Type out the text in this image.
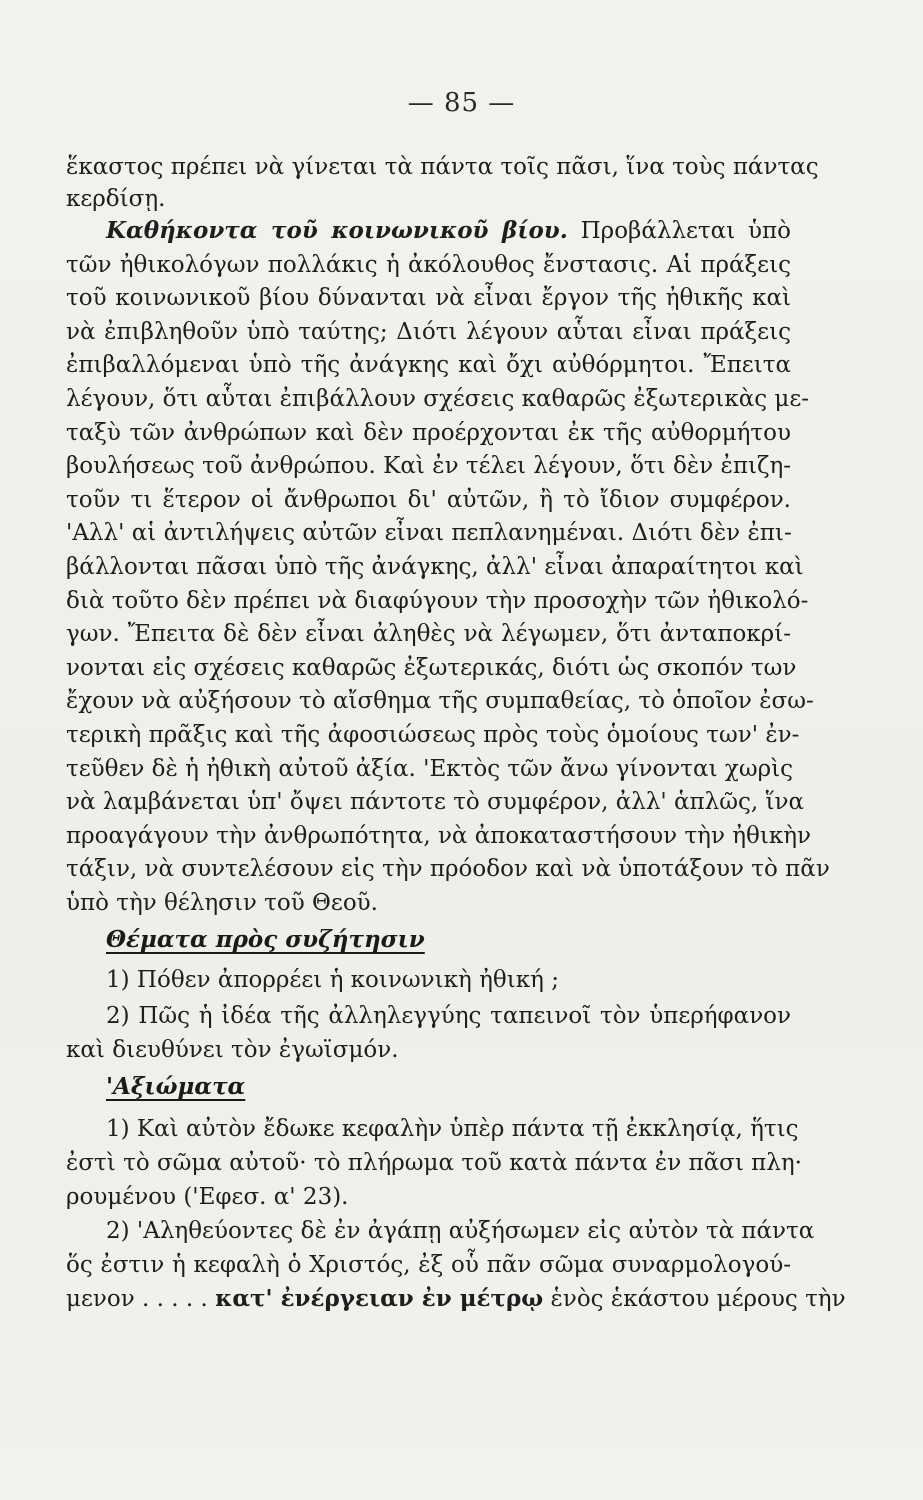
— 85 —
ἕκαστος πρέπει νὰ γίνεται τὰ πάντα τοῖς πᾶσι, ἵνα τοὺς πάντας
κερδίσῃ.
Καθήκοντα τοῦ κοινωνικοῦ βίου. Προβάλλεται ὑπὸ
τῶν ἠθικολόγων πολλάκις ἡ ἀκόλουθος ἔνστασις. Αἱ πράξεις
τοῦ κοινωνικοῦ βίου δύνανται νὰ εἶναι ἔργον τῆς ἠθικῆς καὶ
νὰ ἐπιβληθοῦν ὑπὸ ταύτης; Διότι λέγουν αὗται εἶναι πράξεις
ἐπιβαλλόμεναι ὑπὸ τῆς ἀνάγκης καὶ ὄχι αὐθόρμητοι. Ἔπειτα
λέγουν, ὅτι αὗται ἐπιβάλλουν σχέσεις καθαρῶς ἐξωτερικὰς με-
ταξὺ τῶν ἀνθρώπων καὶ δὲν προέρχονται ἐκ τῆς αὐθορμήτου
βουλήσεως τοῦ ἀνθρώπου. Καὶ ἐν τέλει λέγουν, ὅτι δὲν ἐπιζη-
τοῦν τι ἕτερον οἱ ἄνθρωποι δι' αὐτῶν, ἢ τὸ ἴδιον συμφέρον.
'Αλλ' αἱ ἀντιλήψεις αὐτῶν εἶναι πεπλανημέναι. Διότι δὲν ἐπι-
βάλλονται πᾶσαι ὑπὸ τῆς ἀνάγκης, ἀλλ' εἶναι ἀπαραίτητοι καὶ
διὰ τοῦτο δὲν πρέπει νὰ διαφύγουν τὴν προσοχὴν τῶν ἠθικολό-
γων. Ἔπειτα δὲ δὲν εἶναι ἀληθὲς νὰ λέγωμεν, ὅτι ἀνταποκρί-
νονται εἰς σχέσεις καθαρῶς ἐξωτερικάς, διότι ὡς σκοπόν των
ἔχουν νὰ αὐξήσουν τὸ αἴσθημα τῆς συμπαθείας, τὸ ὁποῖον ἐσω-
τερικὴ πρᾶξις καὶ τῆς ἀφοσιώσεως πρὸς τοὺς ὁμοίους των' ἐν-
τεῦθεν δὲ ἡ ἠθικὴ αὐτοῦ ἀξία. 'Εκτὸς τῶν ἄνω γίνονται χωρὶς
νὰ λαμβάνεται ὑπ' ὄψει πάντοτε τὸ συμφέρον, ἀλλ' ἁπλῶς, ἵνα
προαγάγουν τὴν ἀνθρωπότητα, νὰ ἀποκαταστήσουν τὴν ἠθικὴν
τάξιν, νὰ συντελέσουν εἰς τὴν πρόοδον καὶ νὰ ὑποτάξουν τὸ πᾶν
ὑπὸ τὴν θέλησιν τοῦ Θεοῦ.
Θέματα πρὸς συζήτησιν
1) Πόθεν ἀπορρέει ἡ κοινωνικὴ ἠθική ;
2) Πῶς ἡ ἰδέα τῆς ἀλληλεγγύης ταπεινοῖ τὸν ὑπερήφανον
καὶ διευθύνει τὸν ἐγωϊσμόν.
'Αξιώματα
1) Καὶ αὐτὸν ἔδωκε κεφαλὴν ὑπὲρ πάντα τῇ ἐκκλησίᾳ, ἥτις
ἐστὶ τὸ σῶμα αὐτοῦ· τὸ πλήρωμα τοῦ κατὰ πάντα ἐν πᾶσι πλη·
ρουμένου ('Εφεσ. α' 23).
2) 'Αληθεύοντες δὲ ἐν ἀγάπῃ αὐξήσωμεν εἰς αὐτὸν τὰ πάντα
ὅς ἐστιν ἡ κεφαλὴ ὁ Χριστός, ἐξ οὗ πᾶν σῶμα συναρμολογού-
μενον . . . . . κατ' ἐνέργειαν ἐν μέτρῳ ἑνὸς ἑκάστου μέρους τὴν
